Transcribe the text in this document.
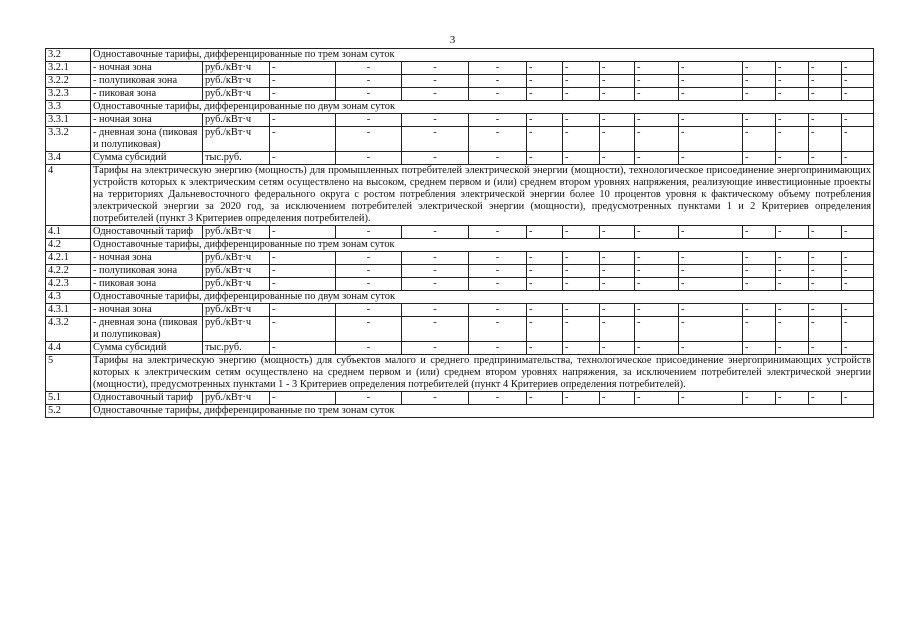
3
3.2	Одноставочные тарифы, дифференцированные по трем зонам суток														
3.2.1	- ночная зона	руб./кВт·ч	-	-	-	-	-	-	-	-	-	-	-	-	-
3.2.2	- полупиковая зона	руб./кВт·ч	-	-	-	-	-	-	-	-	-	-	-	-	-
3.2.3	- пиковая зона	руб./кВт·ч	-	-	-	-	-	-	-	-	-	-	-	-	-
3.3	Одноставочные тарифы, дифференцированные по двум зонам суток														
3.3.1	- ночная зона	руб./кВт·ч	-	-	-	-	-	-	-	-	-	-	-	-	-
3.3.2	- дневная зона (пиковая и полупиковая)	руб./кВт·ч	-	-	-	-	-	-	-	-	-	-	-	-	-
3.4	Сумма субсидий	тыс.руб.	-	-	-	-	-	-	-	-	-	-	-	-	-
4	Тарифы на электрическую энергию (мощность) для промышленных потребителей электрической энергии (мощности), технологическое присоединение энергопринимающих устройств которых к электрическим сетям осуществлено на высоком, среднем первом и (или) среднем втором уровнях напряжения, реализующие инвестиционные проекты на территориях Дальневосточного федерального округа с ростом потребления электрической энергии более 10 процентов уровня к фактическому объему потребления электрической энергии за 2020 год, за исключением потребителей электрической энергии (мощности), предусмотренных пунктами 1 и 2 Критериев определения потребителей (пункт 3 Критериев определения потребителей).														
4.1	Одноставочный тариф	руб./кВт·ч	-	-	-	-	-	-	-	-	-	-	-	-	-
4.2	Одноставочные тарифы, дифференцированные по трем зонам суток														
4.2.1	- ночная зона	руб./кВт·ч	-	-	-	-	-	-	-	-	-	-	-	-	-
4.2.2	- полупиковая зона	руб./кВт·ч	-	-	-	-	-	-	-	-	-	-	-	-	-
4.2.3	- пиковая зона	руб./кВт·ч	-	-	-	-	-	-	-	-	-	-	-	-	-
4.3	Одноставочные тарифы, дифференцированные по двум зонам суток														
4.3.1	- ночная зона	руб./кВт·ч	-	-	-	-	-	-	-	-	-	-	-	-	-
4.3.2	- дневная зона (пиковая и полупиковая)	руб./кВт·ч	-	-	-	-	-	-	-	-	-	-	-	-	-
4.4	Сумма субсидий	тыс.руб.	-	-	-	-	-	-	-	-	-	-	-	-	-
5	Тарифы на электрическую энергию (мощность) для субъектов малого и среднего предпринимательства, технологическое присоединение энергопринимающих устройств которых к электрическим сетям осуществлено на среднем первом и (или) среднем втором уровнях напряжения, за исключением потребителей электрической энергии (мощности), предусмотренных пунктами 1 - 3 Критериев определения потребителей (пункт 4 Критериев определения потребителей).														
5.1	Одноставочный тариф	руб./кВт·ч	-	-	-	-	-	-	-	-	-	-	-	-	-
5.2	Одноставочные тарифы, дифференцированные по трем зонам суток														
